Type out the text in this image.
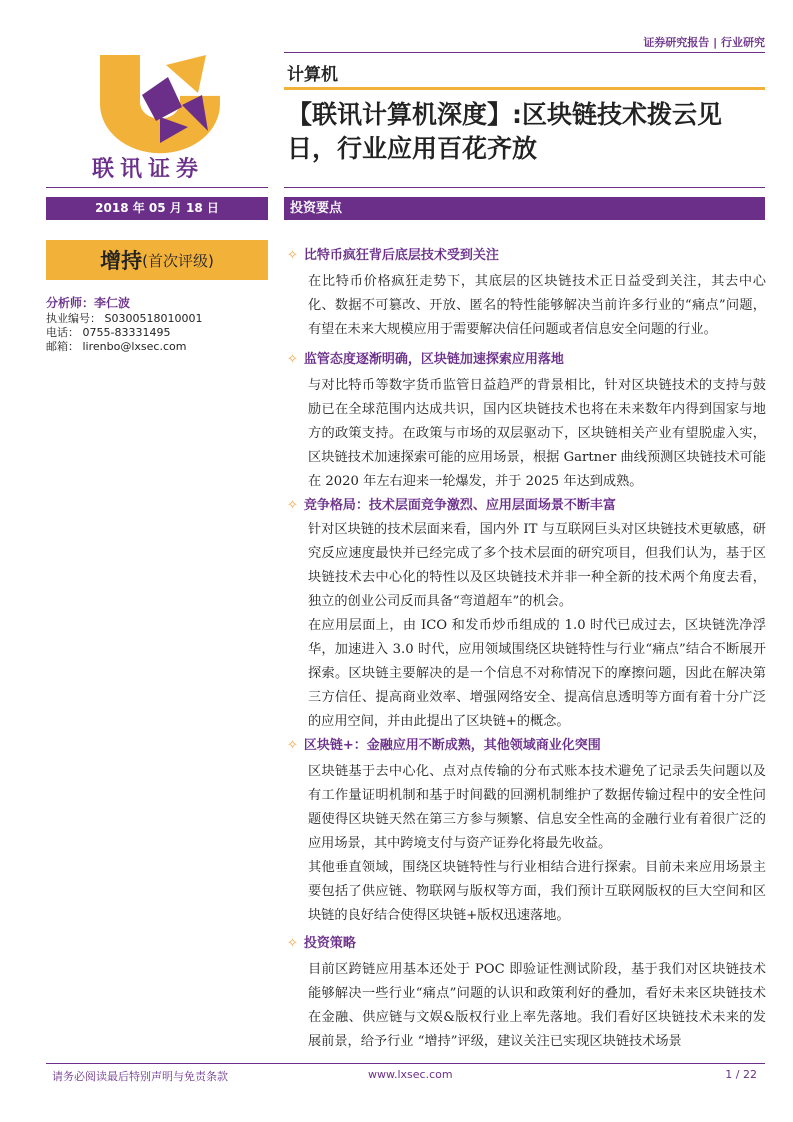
证券研究报告 | 行业研究
联讯证券
计算机
【联讯计算机深度】:区块链技术拨云见日，行业应用百花齐放
2018 年 05 月 18 日
增持 (首次评级)
分析师：李仁波
执业编号： S0300518010001
电话： 0755-83331495
邮箱： lirenbo@lxsec.com
投资要点
✧ 比特币疯狂背后底层技术受到关注
在比特币价格疯狂走势下，其底层的区块链技术正日益受到关注，其去中心化、数据不可篡改、开放、匿名的特性能够解决当前许多行业的“痛点”问题，有望在未来大规模应用于需要解决信任问题或者信息安全问题的行业。
✧ 监管态度逐渐明确，区块链加速探索应用落地
与对比特币等数字货币监管日益趋严的背景相比，针对区块链技术的支持与鼓励已在全球范围内达成共识，国内区块链技术也将在未来数年内得到国家与地方的政策支持。在政策与市场的双层驱动下，区块链相关产业有望脱虚入实，区块链技术加速探索可能的应用场景，根据 Gartner 曲线预测区块链技术可能在 2020 年左右迎来一轮爆发，并于 2025 年达到成熟。
✧ 竞争格局：技术层面竞争激烈、应用层面场景不断丰富
针对区块链的技术层面来看，国内外 IT 与互联网巨头对区块链技术更敏感，研究反应速度最快并已经完成了多个技术层面的研究项目，但我们认为，基于区块链技术去中心化的特性以及区块链技术并非一种全新的技术两个角度去看，独立的创业公司反而具备“弯道超车”的机会。
在应用层面上，由 ICO 和发币炒币组成的 1.0 时代已成过去，区块链洗净浮华，加速进入 3.0 时代，应用领域围绕区块链特性与行业“痛点”结合不断展开探索。区块链主要解决的是一个信息不对称情况下的摩擦问题，因此在解决第三方信任、提高商业效率、增强网络安全、提高信息透明等方面有着十分广泛的应用空间，并由此提出了区块链+的概念。
✧ 区块链+：金融应用不断成熟，其他领域商业化突围
区块链基于去中心化、点对点传输的分布式账本技术避免了记录丢失问题以及有工作量证明机制和基于时间戳的回溯机制维护了数据传输过程中的安全性问题使得区块链天然在第三方参与频繁、信息安全性高的金融行业有着很广泛的应用场景，其中跨境支付与资产证券化将最先收益。
其他垂直领域，围绕区块链特性与行业相结合进行探索。目前未来应用场景主要包括了供应链、物联网与版权等方面，我们预计互联网版权的巨大空间和区块链的良好结合使得区块链+版权迅速落地。
✧ 投资策略
目前区跨链应用基本还处于 POC 即验证性测试阶段，基于我们对区块链技术能够解决一些行业“痛点”问题的认识和政策利好的叠加，看好未来区块链技术在金融、供应链与文娱&版权行业上率先落地。我们看好区块链技术未来的发展前景，给予行业 “增持”评级，建议关注已实现区块链技术场景
请务必阅读最后特别声明与免责条款	www.lxsec.com	1 / 22
